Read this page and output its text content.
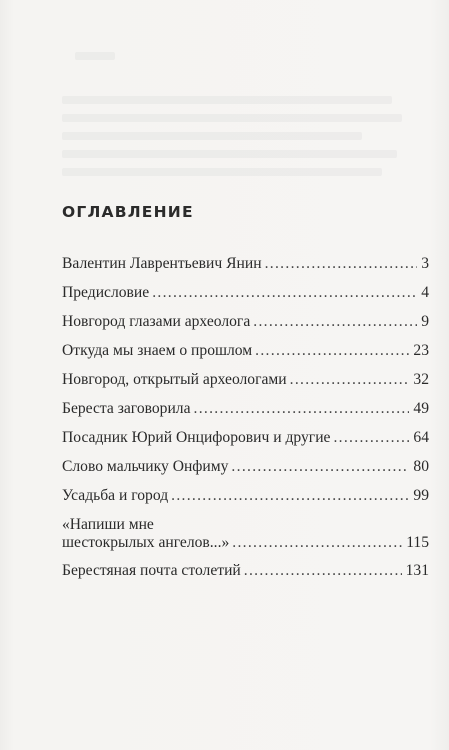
ОГЛАВЛЕНИЕ
Валентин Лаврентьевич Янин . . .	3
Предисловие . . .	4
Новгород глазами археолога . . .	9
Откуда мы знаем о прошлом . . .	23
Новгород, открытый археологами . . .	32
Береста заговорила . . .	49
Посадник Юрий Онцифорович и другие . . .	64
Слово мальчику Онфиму . . .	80
Усадьба и город . . .	99
«Напиши мне
шестокрылых ангелов...» . . .	115
Берестяная почта столетий . . .	131
